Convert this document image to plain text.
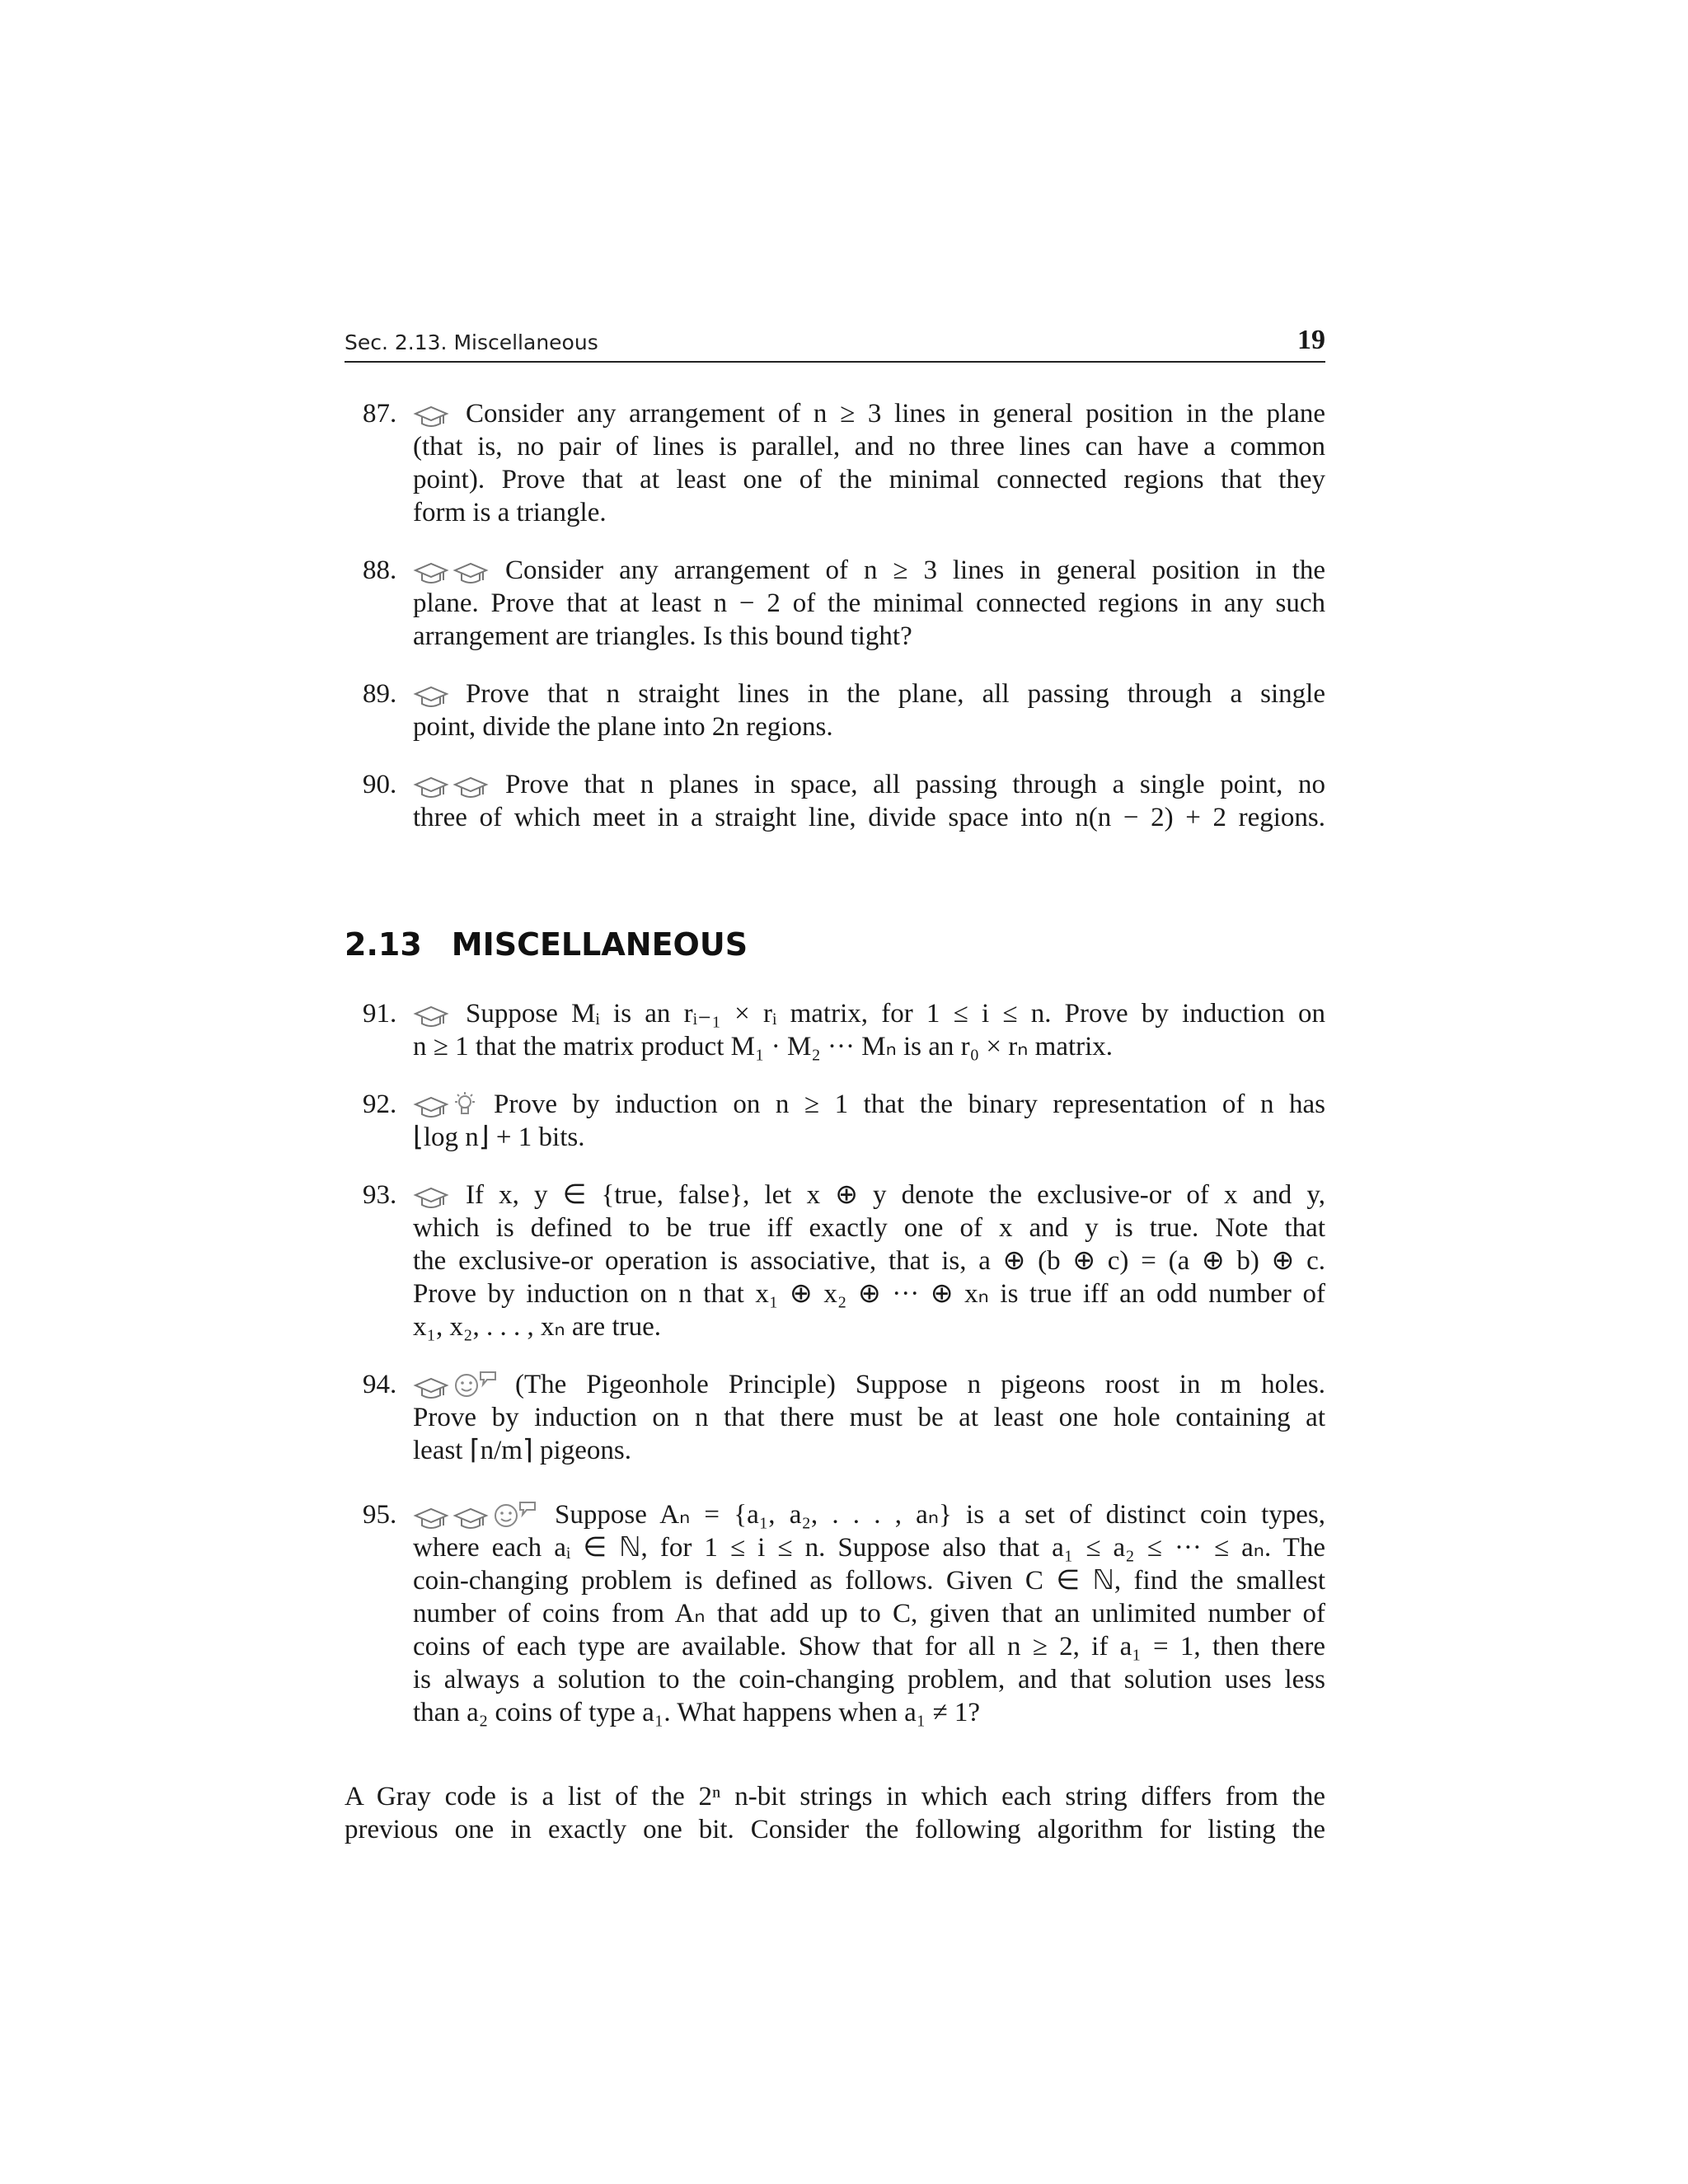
Sec. 2.13. Miscellaneous	19
87.	Consider any arrangement of n ≥ 3 lines in general position in the plane
(that is, no pair of lines is parallel, and no three lines can have a common
point). Prove that at least one of the minimal connected regions that they
form is a triangle.
88.	Consider any arrangement of n ≥ 3 lines in general position in the
plane. Prove that at least n − 2 of the minimal connected regions in any such
arrangement are triangles. Is this bound tight?
89.	Prove that n straight lines in the plane, all passing through a single
point, divide the plane into 2n regions.
90.	Prove that n planes in space, all passing through a single point, no
three of which meet in a straight line, divide space into n(n − 2) + 2 regions.
2.13 MISCELLANEOUS
91.	Suppose Mᵢ is an rᵢ₋₁ × rᵢ matrix, for 1 ≤ i ≤ n. Prove by induction on
n ≥ 1 that the matrix product M₁ · M₂ ··· Mₙ is an r₀ × rₙ matrix.
92.	Prove by induction on n ≥ 1 that the binary representation of n has
⌊log n⌋ + 1 bits.
93.	If x, y ∈ {true, false}, let x ⊕ y denote the exclusive-or of x and y,
which is defined to be true iff exactly one of x and y is true. Note that
the exclusive-or operation is associative, that is, a ⊕ (b ⊕ c) = (a ⊕ b) ⊕ c.
Prove by induction on n that x₁ ⊕ x₂ ⊕ ··· ⊕ xₙ is true iff an odd number of
x₁, x₂, . . . , xₙ are true.
94.	(The Pigeonhole Principle) Suppose n pigeons roost in m holes.
Prove by induction on n that there must be at least one hole containing at
least ⌈n/m⌉ pigeons.
95.	Suppose Aₙ = {a₁, a₂, . . . , aₙ} is a set of distinct coin types,
where each aᵢ ∈ ℕ, for 1 ≤ i ≤ n. Suppose also that a₁ ≤ a₂ ≤ ··· ≤ aₙ. The
coin-changing problem is defined as follows. Given C ∈ ℕ, find the smallest
number of coins from Aₙ that add up to C, given that an unlimited number of
coins of each type are available. Show that for all n ≥ 2, if a₁ = 1, then there
is always a solution to the coin-changing problem, and that solution uses less
than a₂ coins of type a₁. What happens when a₁ ≠ 1?
A Gray code is a list of the 2ⁿ n-bit strings in which each string differs from the
previous one in exactly one bit. Consider the following algorithm for listing the
